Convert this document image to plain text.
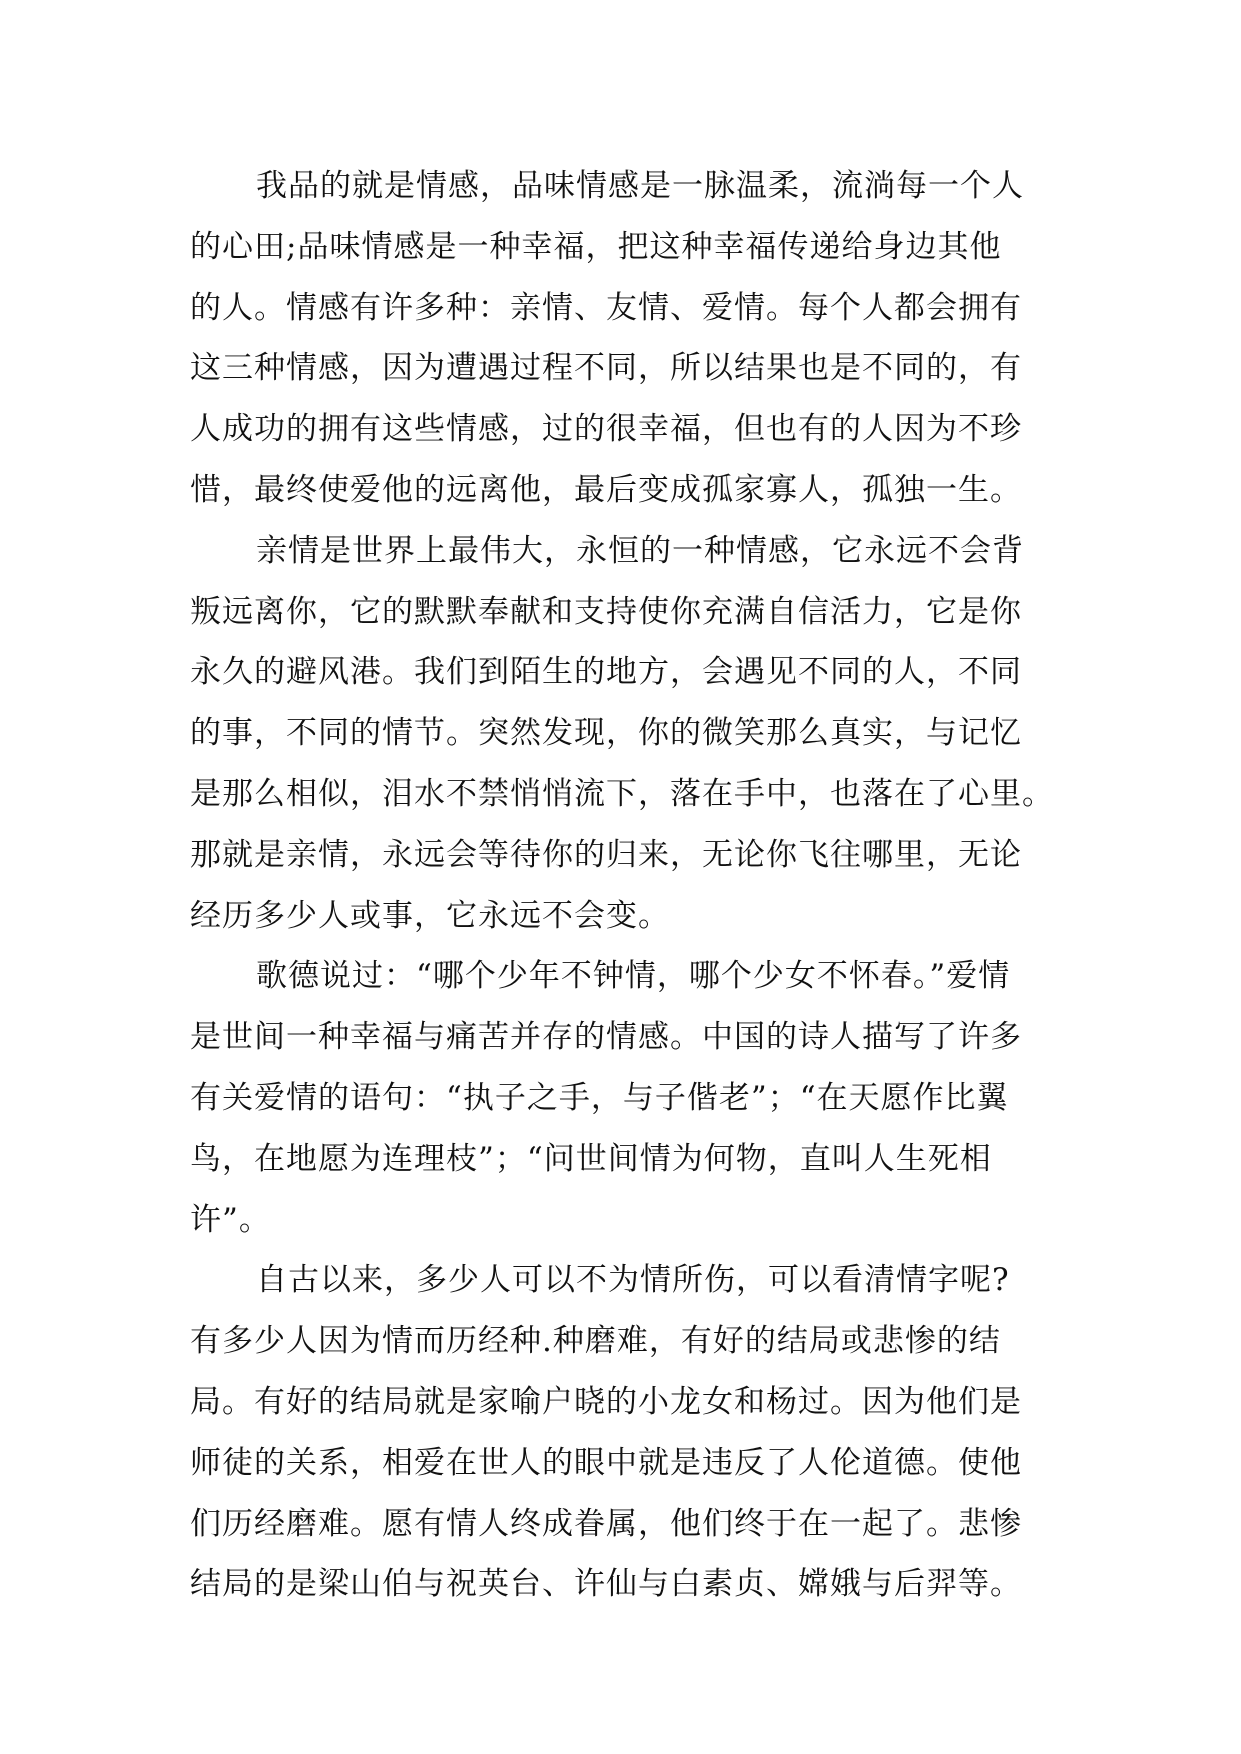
我品的就是情感，品味情感是一脉温柔，流淌每一个人
的心田;品味情感是一种幸福，把这种幸福传递给身边其他
的人。情感有许多种：亲情、友情、爱情。每个人都会拥有
这三种情感，因为遭遇过程不同，所以结果也是不同的，有
人成功的拥有这些情感，过的很幸福，但也有的人因为不珍
惜，最终使爱他的远离他，最后变成孤家寡人，孤独一生。

亲情是世界上最伟大，永恒的一种情感，它永远不会背
叛远离你，它的默默奉献和支持使你充满自信活力，它是你
永久的避风港。我们到陌生的地方，会遇见不同的人，不同
的事，不同的情节。突然发现，你的微笑那么真实，与记忆
是那么相似，泪水不禁悄悄流下，落在手中，也落在了心里。
那就是亲情，永远会等待你的归来，无论你飞往哪里，无论
经历多少人或事，它永远不会变。

歌德说过：“哪个少年不钟情，哪个少女不怀春。”爱情
是世间一种幸福与痛苦并存的情感。中国的诗人描写了许多
有关爱情的语句：“执子之手，与子偕老”；“在天愿作比翼
鸟，在地愿为连理枝”；“问世间情为何物，直叫人生死相
许”。

自古以来，多少人可以不为情所伤，可以看清情字呢?
有多少人因为情而历经种.种磨难，有好的结局或悲惨的结
局。有好的结局就是家喻户晓的小龙女和杨过。因为他们是
师徒的关系，相爱在世人的眼中就是违反了人伦道德。使他
们历经磨难。愿有情人终成眷属，他们终于在一起了。悲惨
结局的是梁山伯与祝英台、许仙与白素贞、嫦娥与后羿等。
